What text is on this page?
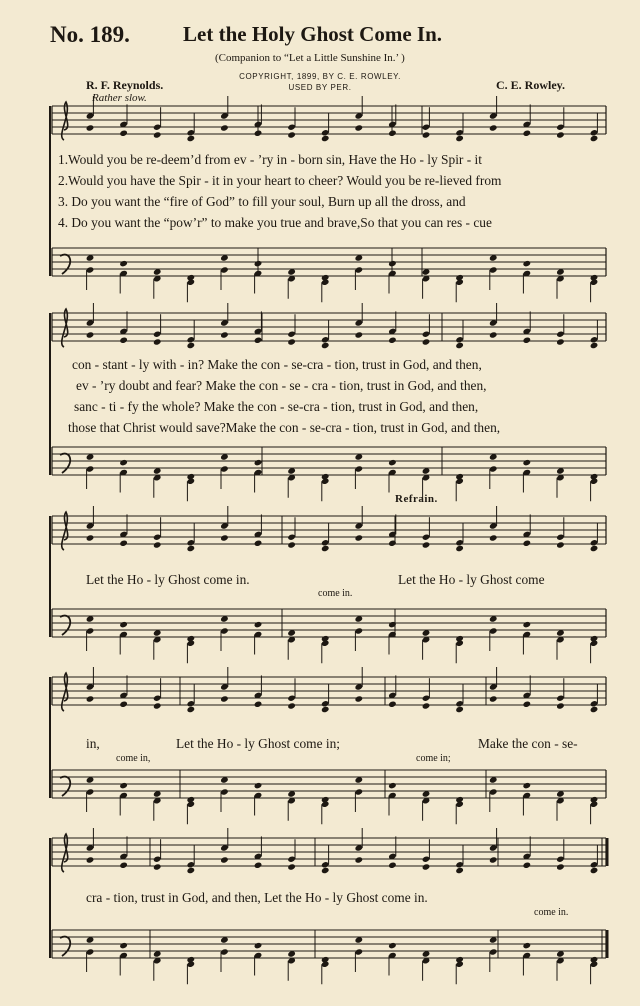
No. 189.	Let the Holy Ghost Come In.
(Companion to “Let a Little Sunshine In.’ )
R. F. Reynolds.
COPYRIGHT, 1899, BY C. E. ROWLEY.
USED BY PER.	C. E. Rowley.
Rather slow.
1.Would you be re-deem’d from ev - ’ry in - born sin, Have the Ho - ly Spir - it
2.Would you have the Spir - it in your heart to cheer? Would you be re-lieved from
3. Do you want the “fire of God” to fill your soul, Burn up all the dross, and
4. Do you want the “pow’r” to make you true and brave,So that you can res - cue
con - stant - ly with - in? Make the con - se-cra - tion, trust in God, and then,
ev - ’ry doubt and fear? Make the con - se - cra - tion, trust in God, and then,
sanc - ti - fy the whole? Make the con - se-cra - tion, trust in God, and then,
those that Christ would save?Make the con - se-cra - tion, trust in God, and then,
Refrain.
Let the Ho - ly Ghost come in.	Let the Ho - ly Ghost come
come in.
in,	Let the Ho - ly Ghost come in;	Make the con - se-
come in,	come in;
cra - tion, trust in God, and then, Let the Ho - ly Ghost come in.
come in.
